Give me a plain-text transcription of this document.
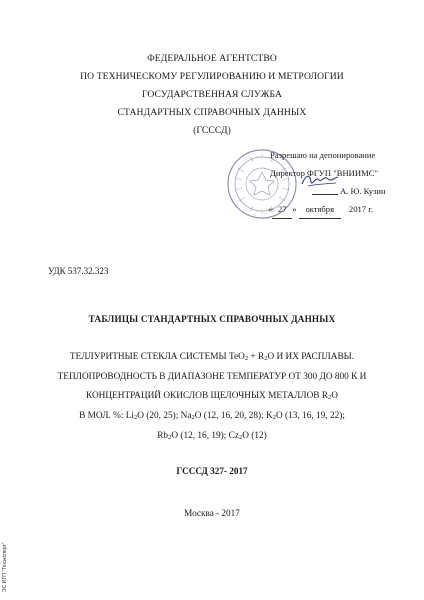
ФЕДЕРАЛЬНОЕ АГЕНТСТВО
ПО ТЕХНИЧЕСКОМУ РЕГУЛИРОВАНИЮ И МЕТРОЛОГИИ
ГОСУДАРСТВЕННАЯ СЛУЖБА
СТАНДАРТНЫХ СПРАВОЧНЫХ ДАННЫХ
(ГСССД)
Разрешаю на депонирование
Директор ФГУП "ВНИИМС"
А. Ю. Кузин
« 27 » октября 2017 г.
УДК 537.32.323
ТАБЛИЦЫ СТАНДАРТНЫХ СПРАВОЧНЫХ ДАННЫХ
ТЕЛЛУРИТНЫЕ СТЕКЛА СИСТЕМЫ $TeO_2 + R_2O$ И ИХ РАСПЛАВЫ.
ТЕПЛОПРОВОДНОСТЬ В ДИАПАЗОНЕ ТЕМПЕРАТУР ОТ 300 ДО 800 К И
КОНЦЕНТРАЦИЙ ОКИСЛОВ ЩЕЛОЧНЫХ МЕТАЛЛОВ $R_2O$
В МОЛ. %: $Li_2O$ (20, 25); $Na_2O$ (12, 16, 20, 28); $K_2O$ (13, 16, 19, 22);
$Rb_2O$ (12, 16, 19); $Cz_2O$ (12)
ГСССД 327- 2017
Москва - 2017
ЭС ИТП "Техэксперт"
